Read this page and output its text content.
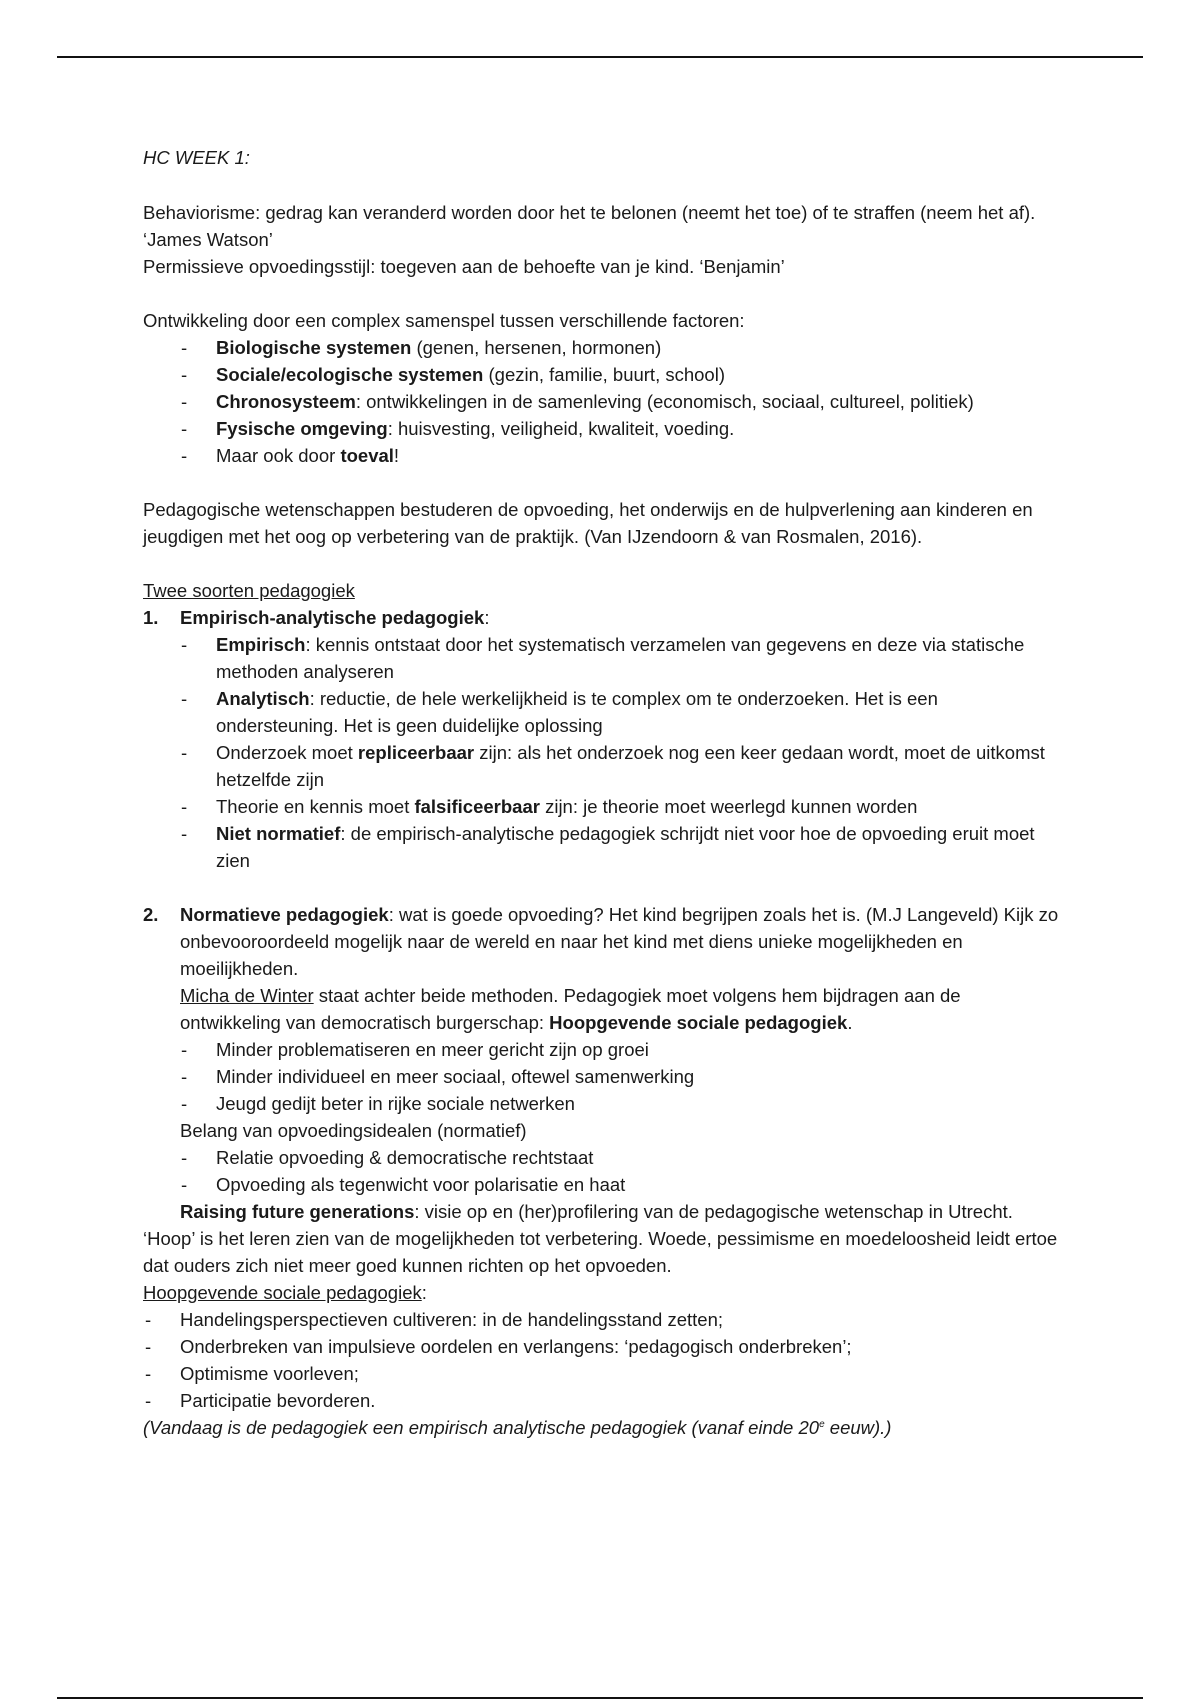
HC WEEK 1:

Behaviorisme: gedrag kan veranderd worden door het te belonen (neemt het toe) of te straffen (neem het af). ‘James Watson’

Permissieve opvoedingsstijl: toegeven aan de behoefte van je kind. ‘Benjamin’

Ontwikkeling door een complex samenspel tussen verschillende factoren:

- Biologische systemen (genen, hersenen, hormonen)

- Sociale/ecologische systemen (gezin, familie, buurt, school)

- Chronosysteem: ontwikkelingen in de samenleving (economisch, sociaal, cultureel, politiek)

- Fysische omgeving: huisvesting, veiligheid, kwaliteit, voeding.

- Maar ook door toeval!

Pedagogische wetenschappen bestuderen de opvoeding, het onderwijs en de hulpverlening aan kinderen en jeugdigen met het oog op verbetering van de praktijk. (Van IJzendoorn & van Rosmalen, 2016).

Twee soorten pedagogiek

1. Empirisch-analytische pedagogiek:

- Empirisch: kennis ontstaat door het systematisch verzamelen van gegevens en deze via statische methoden analyseren

- Analytisch: reductie, de hele werkelijkheid is te complex om te onderzoeken. Het is een ondersteuning. Het is geen duidelijke oplossing

- Onderzoek moet repliceerbaar zijn: als het onderzoek nog een keer gedaan wordt, moet de uitkomst hetzelfde zijn

- Theorie en kennis moet falsificeerbaar zijn: je theorie moet weerlegd kunnen worden

- Niet normatief: de empirisch-analytische pedagogiek schrijdt niet voor hoe de opvoeding eruit moet zien

2. Normatieve pedagogiek: wat is goede opvoeding? Het kind begrijpen zoals het is. (M.J Langeveld) Kijk zo onbevooroordeeld mogelijk naar de wereld en naar het kind met diens unieke mogelijkheden en moeilijkheden.

Micha de Winter staat achter beide methoden. Pedagogiek moet volgens hem bijdragen aan de ontwikkeling van democratisch burgerschap: Hoopgevende sociale pedagogiek.

- Minder problematiseren en meer gericht zijn op groei

- Minder individueel en meer sociaal, oftewel samenwerking

- Jeugd gedijt beter in rijke sociale netwerken

Belang van opvoedingsidealen (normatief)

- Relatie opvoeding & democratische rechtstaat

- Opvoeding als tegenwicht voor polarisatie en haat

Raising future generations: visie op en (her)profilering van de pedagogische wetenschap in Utrecht.

‘Hoop’ is het leren zien van de mogelijkheden tot verbetering. Woede, pessimisme en moedeloosheid leidt ertoe dat ouders zich niet meer goed kunnen richten op het opvoeden.

Hoopgevende sociale pedagogiek:

- Handelingsperspectieven cultiveren: in de handelingsstand zetten;

- Onderbreken van impulsieve oordelen en verlangens: ‘pedagogisch onderbreken’;

- Optimisme voorleven;

- Participatie bevorderen.

(Vandaag is de pedagogiek een empirisch analytische pedagogiek (vanaf einde 20e eeuw).)
